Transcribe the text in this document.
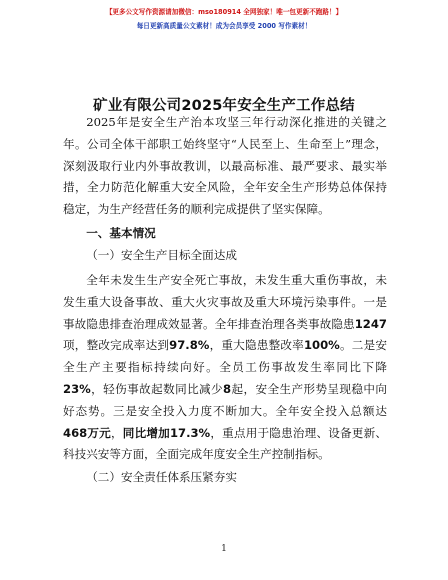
【更多公文写作资源请加微信：mso180914 全网独家！唯一包更新不跑路！】
每日更新高质量公文素材！成为会员享受 2000 写作素材！
矿业有限公司2025年安全生产工作总结

2025年是安全生产治本攻坚三年行动深化推进的关键之年。公司全体干部职工始终坚守“人民至上、生命至上”理念，深刻汲取行业内外事故教训，以最高标准、最严要求、最实举措，全力防范化解重大安全风险，全年安全生产形势总体保持稳定，为生产经营任务的顺利完成提供了坚实保障。

一、基本情况

（一）安全生产目标全面达成

全年未发生生产安全死亡事故，未发生重大重伤事故，未发生重大设备事故、重大火灾事故及重大环境污染事件。一是事故隐患排查治理成效显著。全年排查治理各类事故隐患1247项，整改完成率达到97.8%，重大隐患整改率100%。二是安全生产主要指标持续向好。全员工伤事故发生率同比下降23%，轻伤事故起数同比减少8起，安全生产形势呈现稳中向好态势。三是安全投入力度不断加大。全年安全投入总额达468万元，同比增加17.3%，重点用于隐患治理、设备更新、科技兴安等方面，全面完成年度安全生产控制指标。

（二）安全责任体系压紧夯实

1
